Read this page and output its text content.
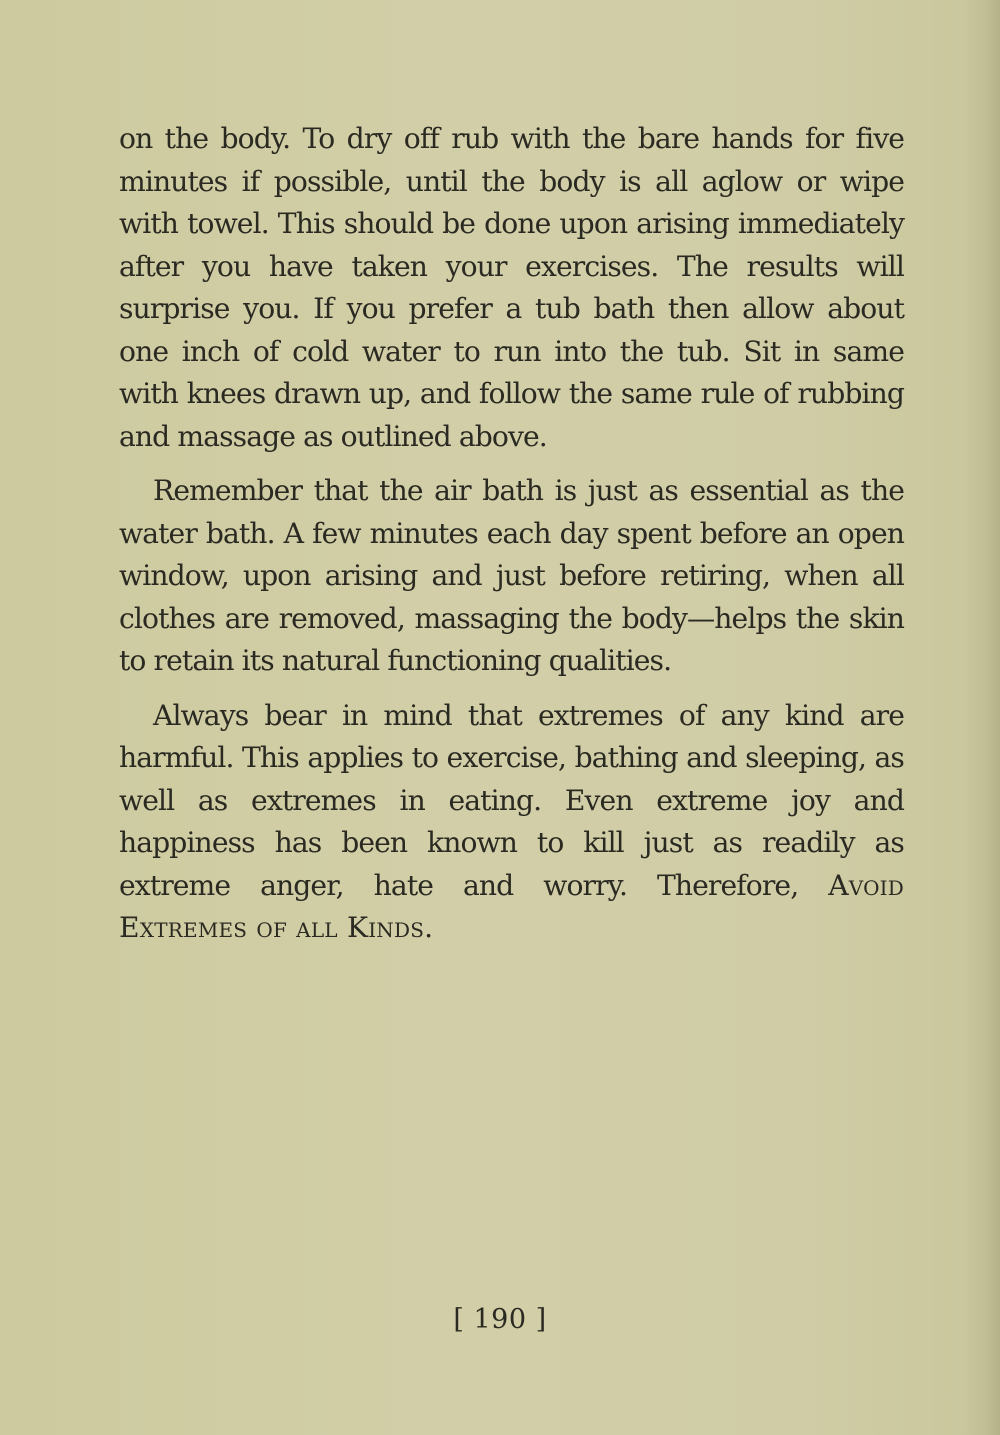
on the body. To dry off rub with the bare hands for five minutes if possible, until the body is all aglow or wipe with towel. This should be done upon arising immediately after you have taken your exercises. The results will surprise you. If you prefer a tub bath then allow about one inch of cold water to run into the tub. Sit in same with knees drawn up, and follow the same rule of rubbing and massage as outlined above.

Remember that the air bath is just as essential as the water bath. A few minutes each day spent before an open window, upon arising and just before retiring, when all clothes are removed, massaging the body—helps the skin to retain its natural functioning qualities.

Always bear in mind that extremes of any kind are harmful. This applies to exercise, bathing and sleeping, as well as extremes in eating. Even extreme joy and happiness has been known to kill just as readily as extreme anger, hate and worry. Therefore, Avoid Extremes of all Kinds.

[ 190 ]
